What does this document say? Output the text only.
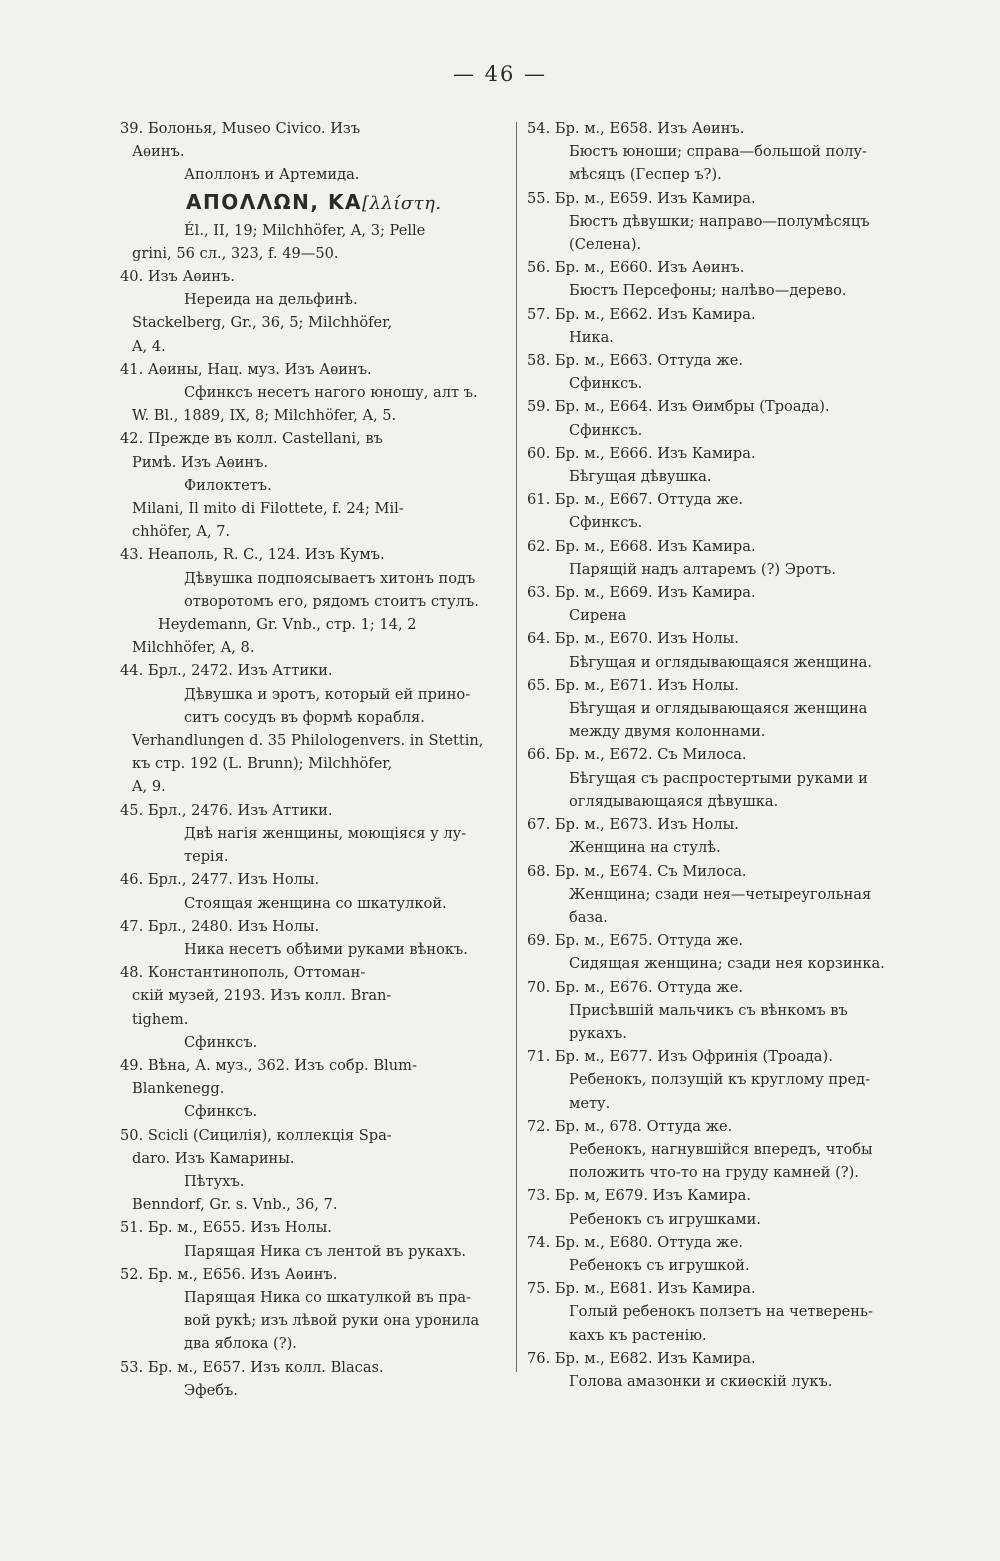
— 46 —
39. Болонья, Museo Civico. Изъ
Аѳинъ.
Аполлонъ и Артемида.
ΑΠΟΛΛΩΝ, ΚΑ[λλίστη.
Él., II, 19; Milchhöfer, A, 3; Pelle
grini, 56 сл., 323, f. 49—50.
40. Изъ Аѳинъ.
Нереида на дельфинѣ.
Stackelberg, Gr., 36, 5; Milchhöfer,
A, 4.
41. Аѳины, Нац. муз. Изъ Аѳинъ.
Сфинксъ несетъ нагого юношу, алт ъ.
W. Bl., 1889, IX, 8; Milchhöfer, A, 5.
42. Прежде въ колл. Castellani, въ
Римѣ. Изъ Аѳинъ.
Филоктетъ.
Milani, Il mito di Filottete, f. 24; Mil-
chhöfer, A, 7.
43. Неаполь, R. C., 124. Изъ Кумъ.
Дѣвушка подпоясываетъ хитонъ подъ
отворотомъ его, рядомъ стоитъ стулъ.
Heydemann, Gr. Vnb., стр. 1; 14, 2
Milchhöfer, A, 8.
44. Брл., 2472. Изъ Аттики.
Дѣвушка и эротъ, который ей прино-
ситъ сосудъ въ формѣ корабля.
Verhandlungen d. 35 Philologenvers. in Stettin,
къ стр. 192 (L. Brunn); Milchhöfer,
A, 9.
45. Брл., 2476. Изъ Аттики.
Двѣ нагія женщины, моющіяся у лу-
терія.
46. Брл., 2477. Изъ Нолы.
Стоящая женщина со шкатулкой.
47. Брл., 2480. Изъ Нолы.
Ника несетъ обѣими руками вѣнокъ.
48. Константинополь, Оттоман-
скій музей, 2193. Изъ колл. Bran-
tighem.
Сфинксъ.
49. Вѣна, А. муз., 362. Изъ собр. Blum-
Blankenegg.
Сфинксъ.
50. Scicli (Сицилія), коллекція Spa-
daro. Изъ Камарины.
Пѣтухъ.
Benndorf, Gr. s. Vnb., 36, 7.
51. Бр. м., E655. Изъ Нолы.
Парящая Ника съ лентой въ рукахъ.
52. Бр. м., E656. Изъ Аѳинъ.
Парящая Ника со шкатулкой въ пра-
вой рукѣ; изъ лѣвой руки она уронила
два яблока (?).
53. Бр. м., E657. Изъ колл. Blacas.
Эфебъ.
54. Бр. м., E658. Изъ Аѳинъ.
Бюстъ юноши; справа—большой полу-
мѣсяцъ (Геспер ъ?).
55. Бр. м., E659. Изъ Камира.
Бюстъ дѣвушки; направо—полумѣсяцъ
(Селена).
56. Бр. м., E660. Изъ Аѳинъ.
Бюстъ Персефоны; налѣво—дерево.
57. Бр. м., E662. Изъ Камира.
Ника.
58. Бр. м., E663. Оттуда же.
Сфинксъ.
59. Бр. м., E664. Изъ Ѳимбры (Троада).
Сфинксъ.
60. Бр. м., E666. Изъ Камира.
Бѣгущая дѣвушка.
61. Бр. м., E667. Оттуда же.
Сфинксъ.
62. Бр. м., E668. Изъ Камира.
Парящій надъ алтаремъ (?) Эротъ.
63. Бр. м., E669. Изъ Камира.
Сирена
64. Бр. м., E670. Изъ Нолы.
Бѣгущая и оглядывающаяся женщина.
65. Бр. м., E671. Изъ Нолы.
Бѣгущая и оглядывающаяся женщина
между двумя колоннами.
66. Бр. м., E672. Съ Милоса.
Бѣгущая съ распростертыми руками и
оглядывающаяся дѣвушка.
67. Бр. м., E673. Изъ Нолы.
Женщина на стулѣ.
68. Бр. м., E674. Съ Милоса.
Женщина; сзади нея—четыреугольная
база.
69. Бр. м., E675. Оттуда же.
Сидящая женщина; сзади нея корзинка.
70. Бр. м., E676. Оттуда же.
Присѣвшій мальчикъ съ вѣнкомъ въ
рукахъ.
71. Бр. м., E677. Изъ Офринія (Троада).
Ребенокъ, ползущій къ круглому пред-
мету.
72. Бр. м., 678. Оттуда же.
Ребенокъ, нагнувшійся впередъ, чтобы
положить что-то на груду камней (?).
73. Бр. м, E679. Изъ Камира.
Ребенокъ съ игрушками.
74. Бр. м., E680. Оттуда же.
Ребенокъ съ игрушкой.
75. Бр. м., E681. Изъ Камира.
Голый ребенокъ ползетъ на четверень-
кахъ къ растенію.
76. Бр. м., E682. Изъ Камира.
Голова амазонки и скиѳскій лукъ.
